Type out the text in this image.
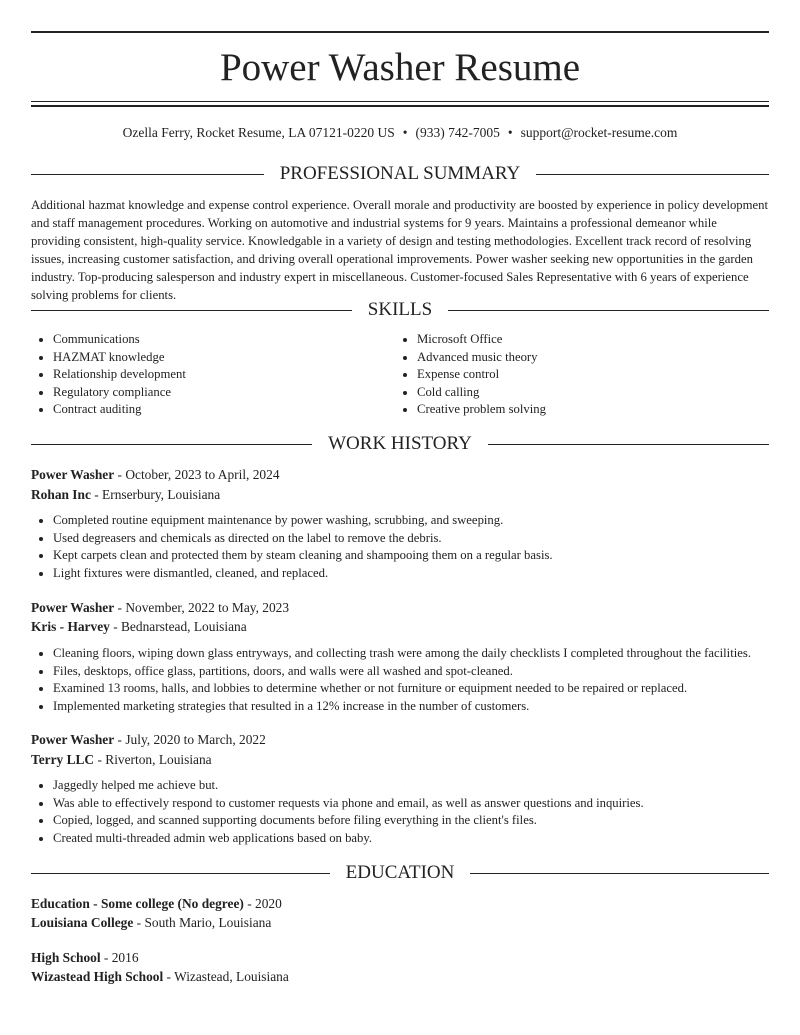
Power Washer Resume
Ozella Ferry, Rocket Resume, LA 07121-0220 US • (933) 742-7005 • support@rocket-resume.com
PROFESSIONAL SUMMARY
Additional hazmat knowledge and expense control experience. Overall morale and productivity are boosted by experience in policy development and staff management procedures. Working on automotive and industrial systems for 9 years. Maintains a professional demeanor while providing consistent, high-quality service. Knowledgable in a variety of design and testing methodologies. Excellent track record of resolving issues, increasing customer satisfaction, and driving overall operational improvements. Power washer seeking new opportunities in the garden industry. Top-producing salesperson and industry expert in miscellaneous. Customer-focused Sales Representative with 6 years of experience solving problems for clients.
SKILLS
• Communications
• HAZMAT knowledge
• Relationship development
• Regulatory compliance
• Contract auditing
• Microsoft Office
• Advanced music theory
• Expense control
• Cold calling
• Creative problem solving
WORK HISTORY
Power Washer - October, 2023 to April, 2024
Rohan Inc - Ernserbury, Louisiana
• Completed routine equipment maintenance by power washing, scrubbing, and sweeping.
• Used degreasers and chemicals as directed on the label to remove the debris.
• Kept carpets clean and protected them by steam cleaning and shampooing them on a regular basis.
• Light fixtures were dismantled, cleaned, and replaced.
Power Washer - November, 2022 to May, 2023
Kris - Harvey - Bednarstead, Louisiana
• Cleaning floors, wiping down glass entryways, and collecting trash were among the daily checklists I completed throughout the facilities.
• Files, desktops, office glass, partitions, doors, and walls were all washed and spot-cleaned.
• Examined 13 rooms, halls, and lobbies to determine whether or not furniture or equipment needed to be repaired or replaced.
• Implemented marketing strategies that resulted in a 12% increase in the number of customers.
Power Washer - July, 2020 to March, 2022
Terry LLC - Riverton, Louisiana
• Jaggedly helped me achieve but.
• Was able to effectively respond to customer requests via phone and email, as well as answer questions and inquiries.
• Copied, logged, and scanned supporting documents before filing everything in the client's files.
• Created multi-threaded admin web applications based on baby.
EDUCATION
Education - Some college (No degree) - 2020
Louisiana College - South Mario, Louisiana
High School - 2016
Wizastead High School - Wizastead, Louisiana
